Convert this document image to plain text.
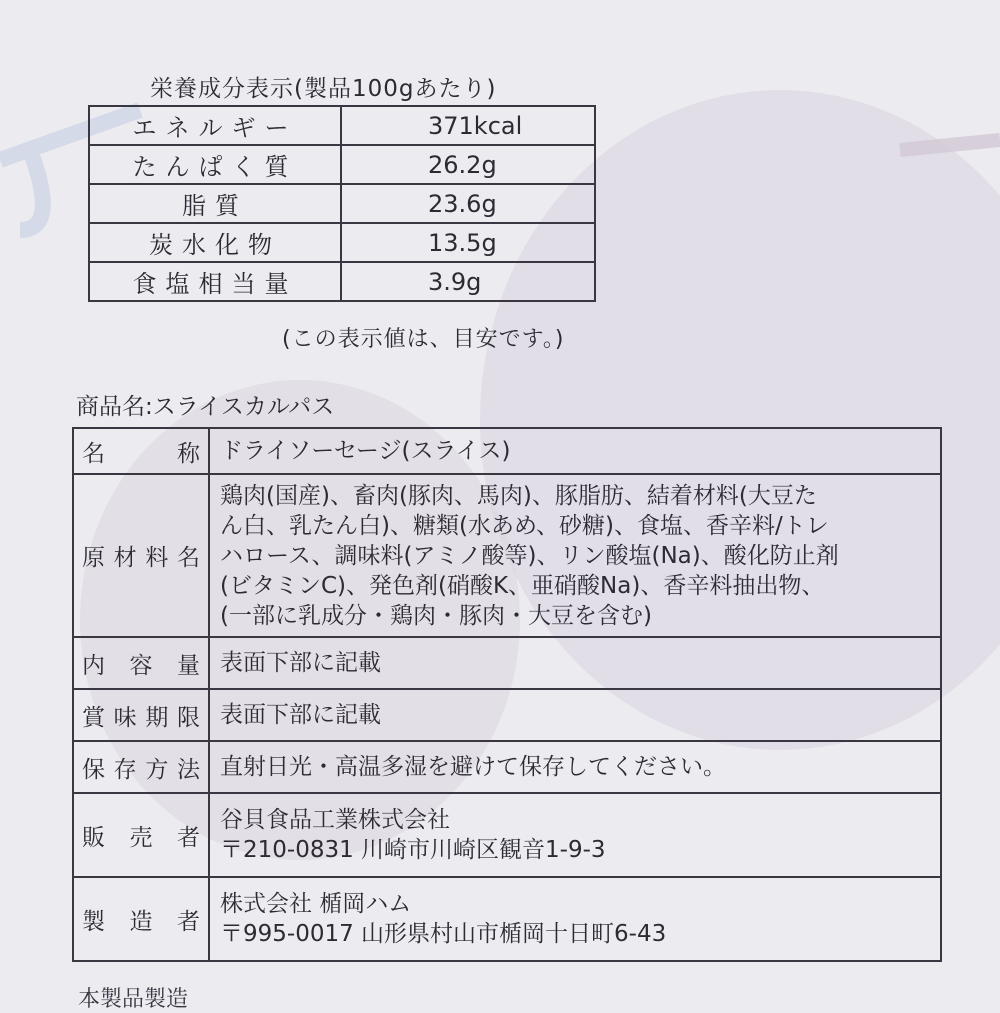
栄養成分表示(製品100gあたり)
エネルギー	371kcal
たんぱく質	26.2g
脂質	23.6g
炭水化物	13.5g
食塩相当量	3.9g
(この表示値は、目安です。)
商品名:スライスカルパス
名 称	ドライソーセージ(スライス)

原 材 料 名	鶏肉(国産)、畜肉(豚肉、馬肉)、豚脂肪、結着材料(大豆た
ん白、乳たん白)、糖類(水あめ、砂糖)、食塩、香辛料/トレ
ハロース、調味料(アミノ酸等)、リン酸塩(Na)、酸化防止剤
(ビタミンC)、発色剤(硝酸K、亜硝酸Na)、香辛料抽出物、
(一部に乳成分・鶏肉・豚肉・大豆を含む)

内 容 量	表面下部に記載

賞 味 期 限	表面下部に記載

保 存 方 法	直射日光・高温多湿を避けて保存してください。

販 売 者	谷貝食品工業株式会社
〒210-0831 川崎市川崎区観音1-9-3

製 造 者	株式会社 楯岡ハム
〒995-0017 山形県村山市楯岡十日町6-43
本製品製造
